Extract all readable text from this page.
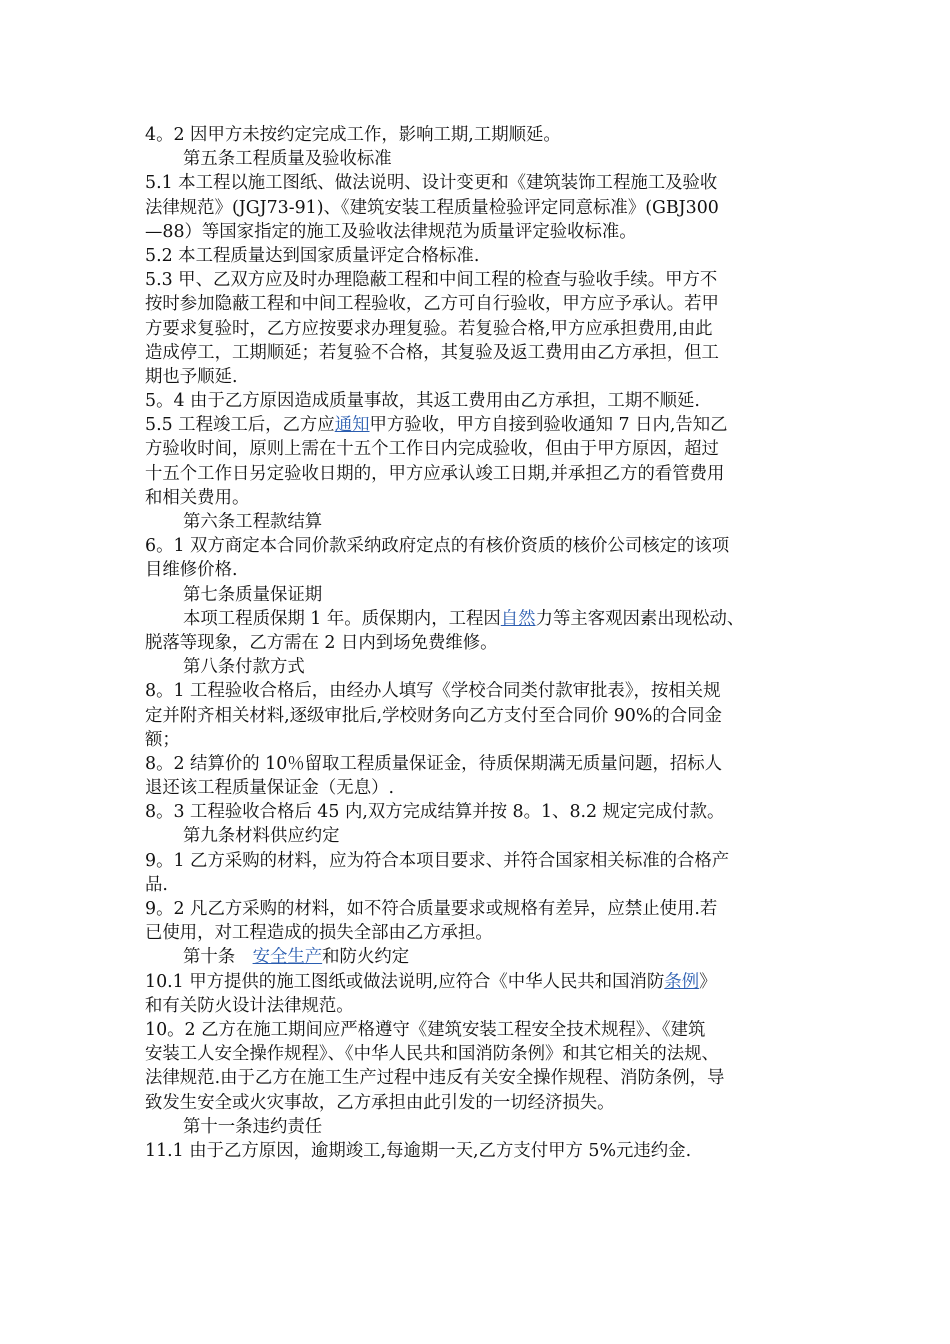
4。2 因甲方未按约定完成工作，影响工期,工期顺延。
第五条工程质量及验收标准
5.1 本工程以施工图纸、做法说明、设计变更和《建筑装饰工程施工及验收
法律规范》(JGJ73-91)、《建筑安装工程质量检验评定同意标准》(GBJ300
—88）等国家指定的施工及验收法律规范为质量评定验收标准。
5.2 本工程质量达到国家质量评定合格标准.
5.3 甲、乙双方应及时办理隐蔽工程和中间工程的检查与验收手续。甲方不
按时参加隐蔽工程和中间工程验收，乙方可自行验收，甲方应予承认。若甲
方要求复验时，乙方应按要求办理复验。若复验合格,甲方应承担费用,由此
造成停工，工期顺延；若复验不合格，其复验及返工费用由乙方承担，但工
期也予顺延.
5。4 由于乙方原因造成质量事故，其返工费用由乙方承担，工期不顺延.
5.5 工程竣工后，乙方应通知甲方验收，甲方自接到验收通知 7 日内,告知乙
方验收时间，原则上需在十五个工作日内完成验收，但由于甲方原因，超过
十五个工作日另定验收日期的，甲方应承认竣工日期,并承担乙方的看管费用
和相关费用。
第六条工程款结算
6。1 双方商定本合同价款采纳政府定点的有核价资质的核价公司核定的该项
目维修价格.
第七条质量保证期
本项工程质保期 1 年。质保期内，工程因自然力等主客观因素出现松动、
脱落等现象，乙方需在 2 日内到场免费维修。
第八条付款方式
8。1 工程验收合格后，由经办人填写《学校合同类付款审批表》，按相关规
定并附齐相关材料,逐级审批后,学校财务向乙方支付至合同价 90%的合同金
额；
8。2 结算价的 10％留取工程质量保证金，待质保期满无质量问题，招标人
退还该工程质量保证金（无息）.
8。3 工程验收合格后 45 内,双方完成结算并按 8。1、8.2 规定完成付款。
第九条材料供应约定
9。1 乙方采购的材料，应为符合本项目要求、并符合国家相关标准的合格产
品.
9。2 凡乙方采购的材料，如不符合质量要求或规格有差异，应禁止使用.若
已使用，对工程造成的损失全部由乙方承担。
第十条　安全生产和防火约定
10.1 甲方提供的施工图纸或做法说明,应符合《中华人民共和国消防条例》
和有关防火设计法律规范。
10。2 乙方在施工期间应严格遵守《建筑安装工程安全技术规程》、《建筑
安装工人安全操作规程》、《中华人民共和国消防条例》和其它相关的法规、
法律规范.由于乙方在施工生产过程中违反有关安全操作规程、消防条例，导
致发生安全或火灾事故，乙方承担由此引发的一切经济损失。
第十一条违约责任
11.1 由于乙方原因，逾期竣工,每逾期一天,乙方支付甲方 5%元违约金.
